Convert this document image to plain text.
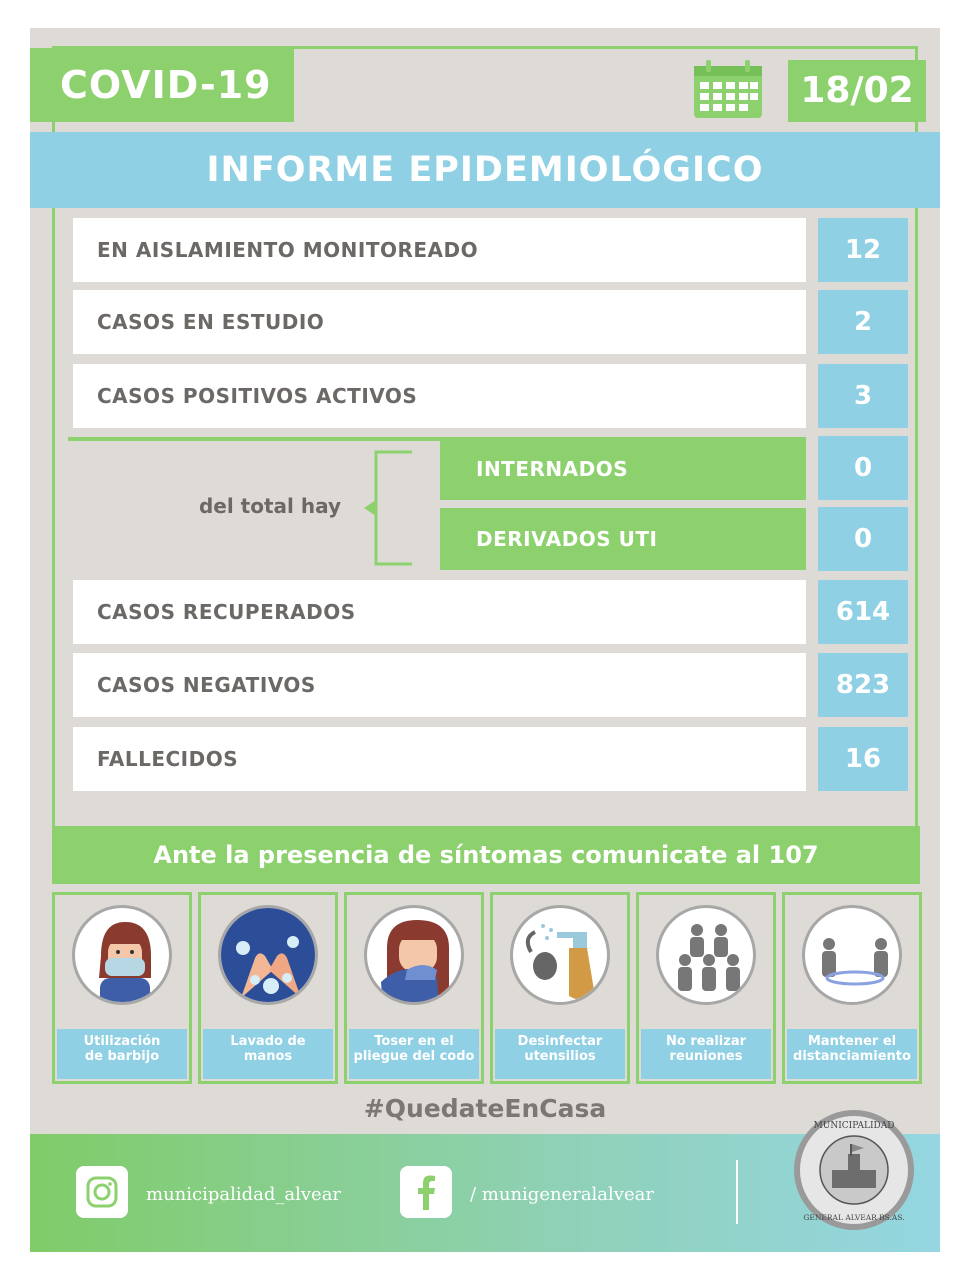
COVID-19	18/02
INFORME EPIDEMIOLÓGICO
EN AISLAMIENTO MONITOREADO	12
CASOS EN ESTUDIO	2
CASOS POSITIVOS ACTIVOS	3
del total hay
INTERNADOS	0
DERIVADOS UTI	0
CASOS RECUPERADOS	614
CASOS NEGATIVOS	823
FALLECIDOS	16
Ante la presencia de síntomas comunicate al 107
Utilización
de barbijo
Lavado de
manos
Toser en el
pliegue del codo
Desinfectar
utensilios
No realizar
reuniones
Mantener el
distanciamiento
#QuedateEnCasa
municipalidad_alvear	/ munigeneralalvear
MUNICIPALIDAD
GENERAL ALVEAR BS.AS.
